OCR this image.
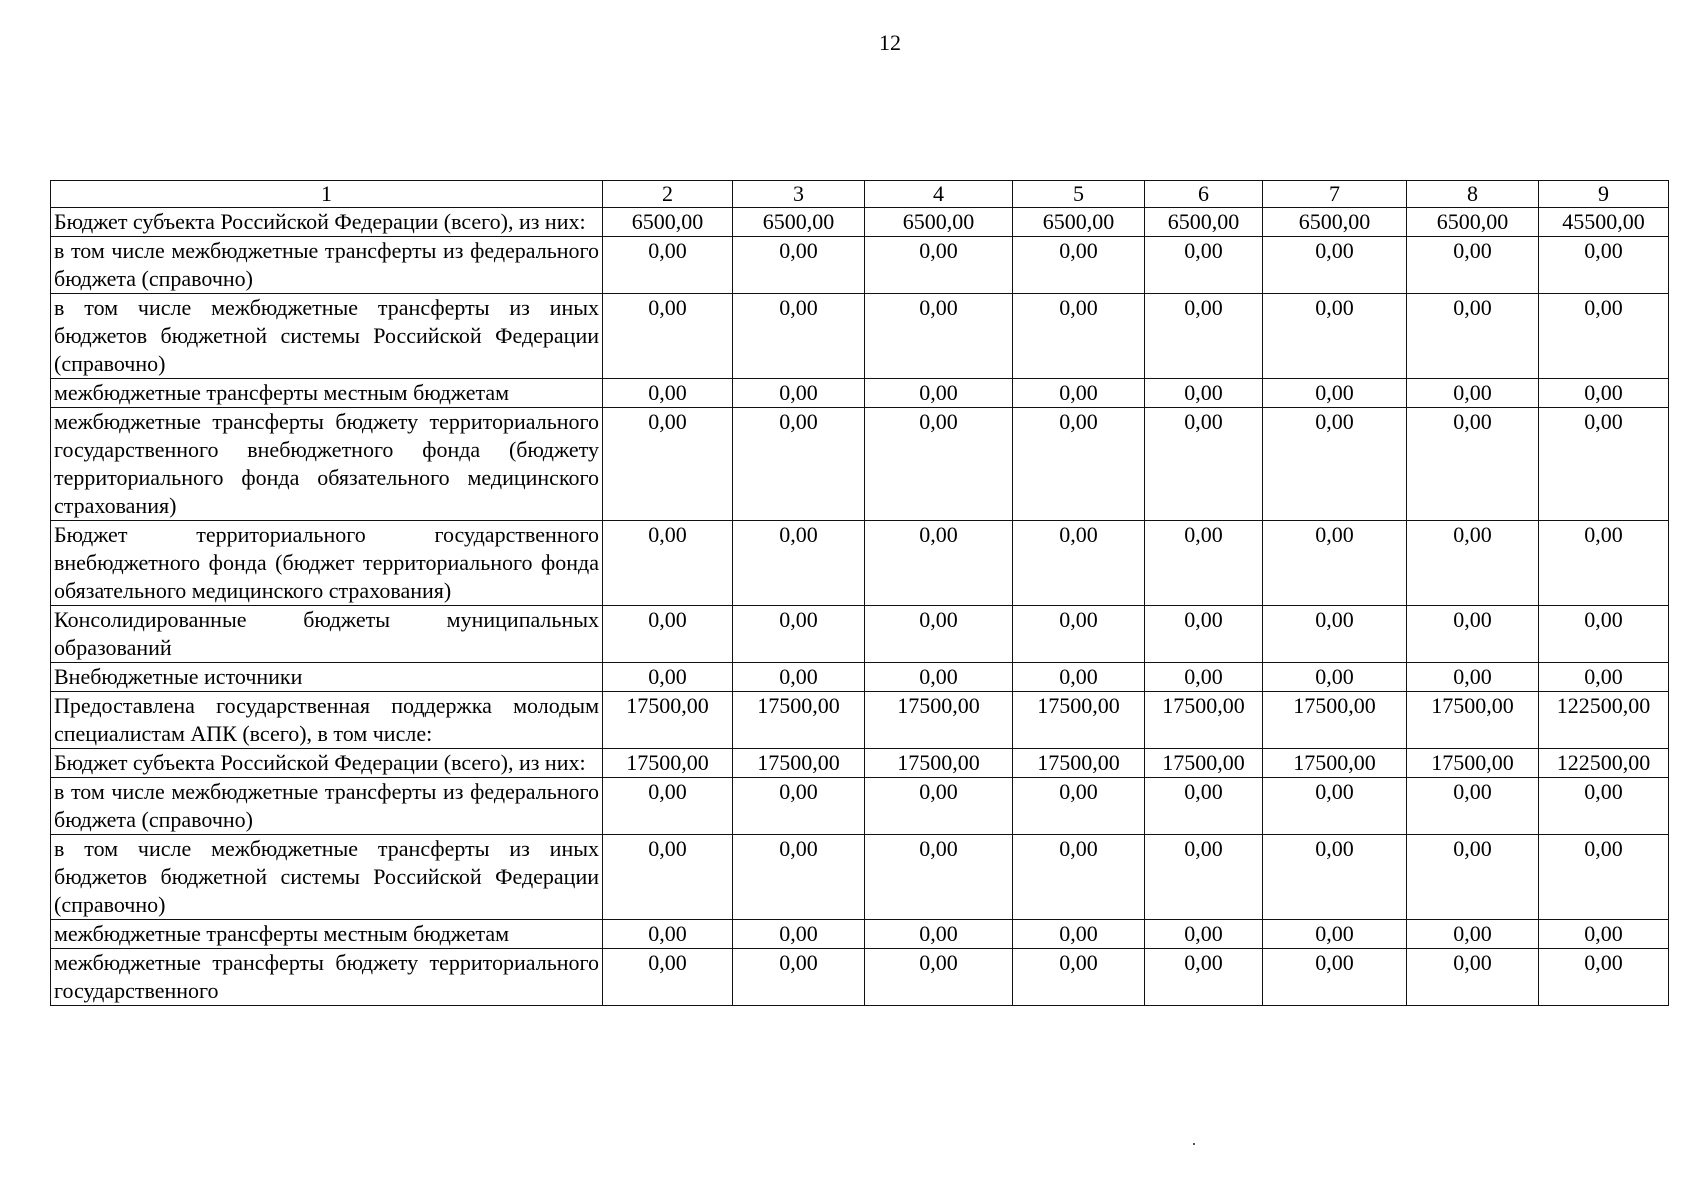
12
1	2	3	4	5	6	7	8	9
Бюджет субъекта Российской Федерации (всего), из них:	6500,00	6500,00	6500,00	6500,00	6500,00	6500,00	6500,00	45500,00
в том числе межбюджетные трансферты из федерального бюджета (справочно)	0,00	0,00	0,00	0,00	0,00	0,00	0,00	0,00
в том числе межбюджетные трансферты из иных бюджетов бюджетной системы Российской Федерации (справочно)	0,00	0,00	0,00	0,00	0,00	0,00	0,00	0,00
межбюджетные трансферты местным бюджетам	0,00	0,00	0,00	0,00	0,00	0,00	0,00	0,00
межбюджетные трансферты бюджету территориального государственного внебюджетного фонда (бюджету территориального фонда обязательного медицинского страхования)	0,00	0,00	0,00	0,00	0,00	0,00	0,00	0,00
Бюджет территориального государственного внебюджетного фонда (бюджет территориального фонда обязательного медицинского страхования)	0,00	0,00	0,00	0,00	0,00	0,00	0,00	0,00
Консолидированные бюджеты муниципальных образований	0,00	0,00	0,00	0,00	0,00	0,00	0,00	0,00
Внебюджетные источники	0,00	0,00	0,00	0,00	0,00	0,00	0,00	0,00
Предоставлена государственная поддержка молодым специалистам АПК (всего), в том числе:	17500,00	17500,00	17500,00	17500,00	17500,00	17500,00	17500,00	122500,00
Бюджет субъекта Российской Федерации (всего), из них:	17500,00	17500,00	17500,00	17500,00	17500,00	17500,00	17500,00	122500,00
в том числе межбюджетные трансферты из федерального бюджета (справочно)	0,00	0,00	0,00	0,00	0,00	0,00	0,00	0,00
в том числе межбюджетные трансферты из иных бюджетов бюджетной системы Российской Федерации (справочно)	0,00	0,00	0,00	0,00	0,00	0,00	0,00	0,00
межбюджетные трансферты местным бюджетам	0,00	0,00	0,00	0,00	0,00	0,00	0,00	0,00
межбюджетные трансферты бюджету территориального государственного	0,00	0,00	0,00	0,00	0,00	0,00	0,00	0,00
